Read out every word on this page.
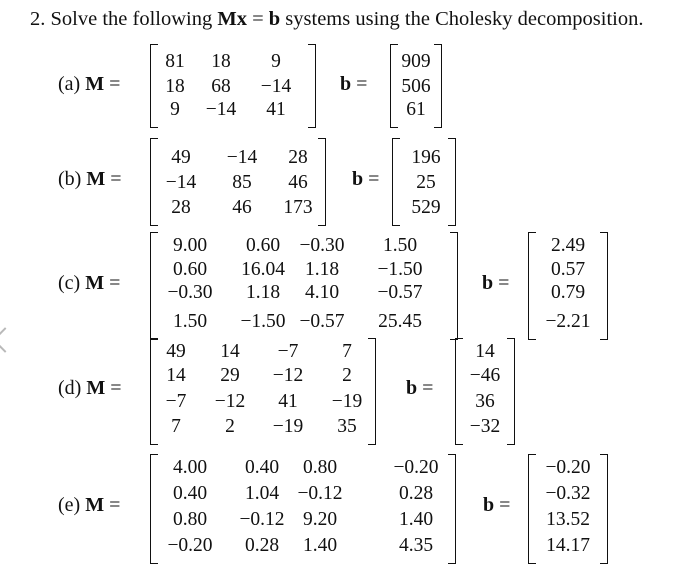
2. Solve the following Mx = b systems using the Cholesky decomposition.
(a) M =
81 18 9
18 68 −14
9 −14 41
b =
909
506
61
(b) M =
49 −14 28
−14 85 46
28 46 173
b =
196
25
529
(c) M =
9.00 0.60 −0.30 1.50
0.60 16.04 1.18 −1.50
−0.30 1.18 4.10 −0.57
1.50 −1.50 −0.57 25.45
b =
2.49
0.57
0.79
−2.21
(d) M =
49 14 −7 7
14 29 −12 2
−7 −12 41 −19
7 2 −19 35
b =
14
−46
36
−32
(e) M =
4.00 0.40 0.80	−0.20
0.40 1.04 −0.12	0.28
0.80 −0.12 9.20	1.40
−0.20 0.28 1.40	4.35
b =
−0.20
−0.32
13.52
14.17
